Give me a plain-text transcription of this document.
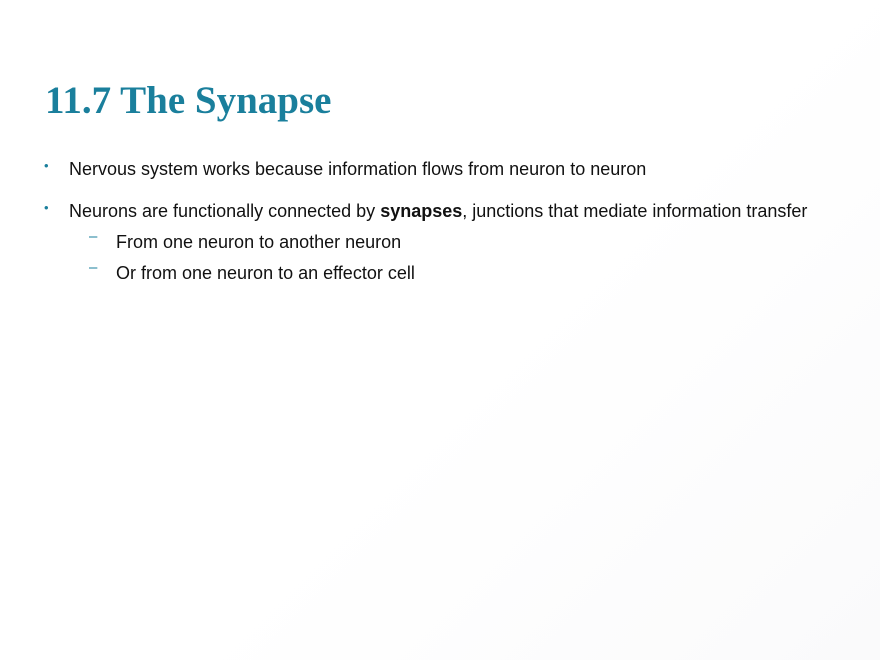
11.7 The Synapse
• Nervous system works because information flows from neuron to neuron
• Neurons are functionally connected by synapses, junctions that mediate information transfer
– From one neuron to another neuron
– Or from one neuron to an effector cell
